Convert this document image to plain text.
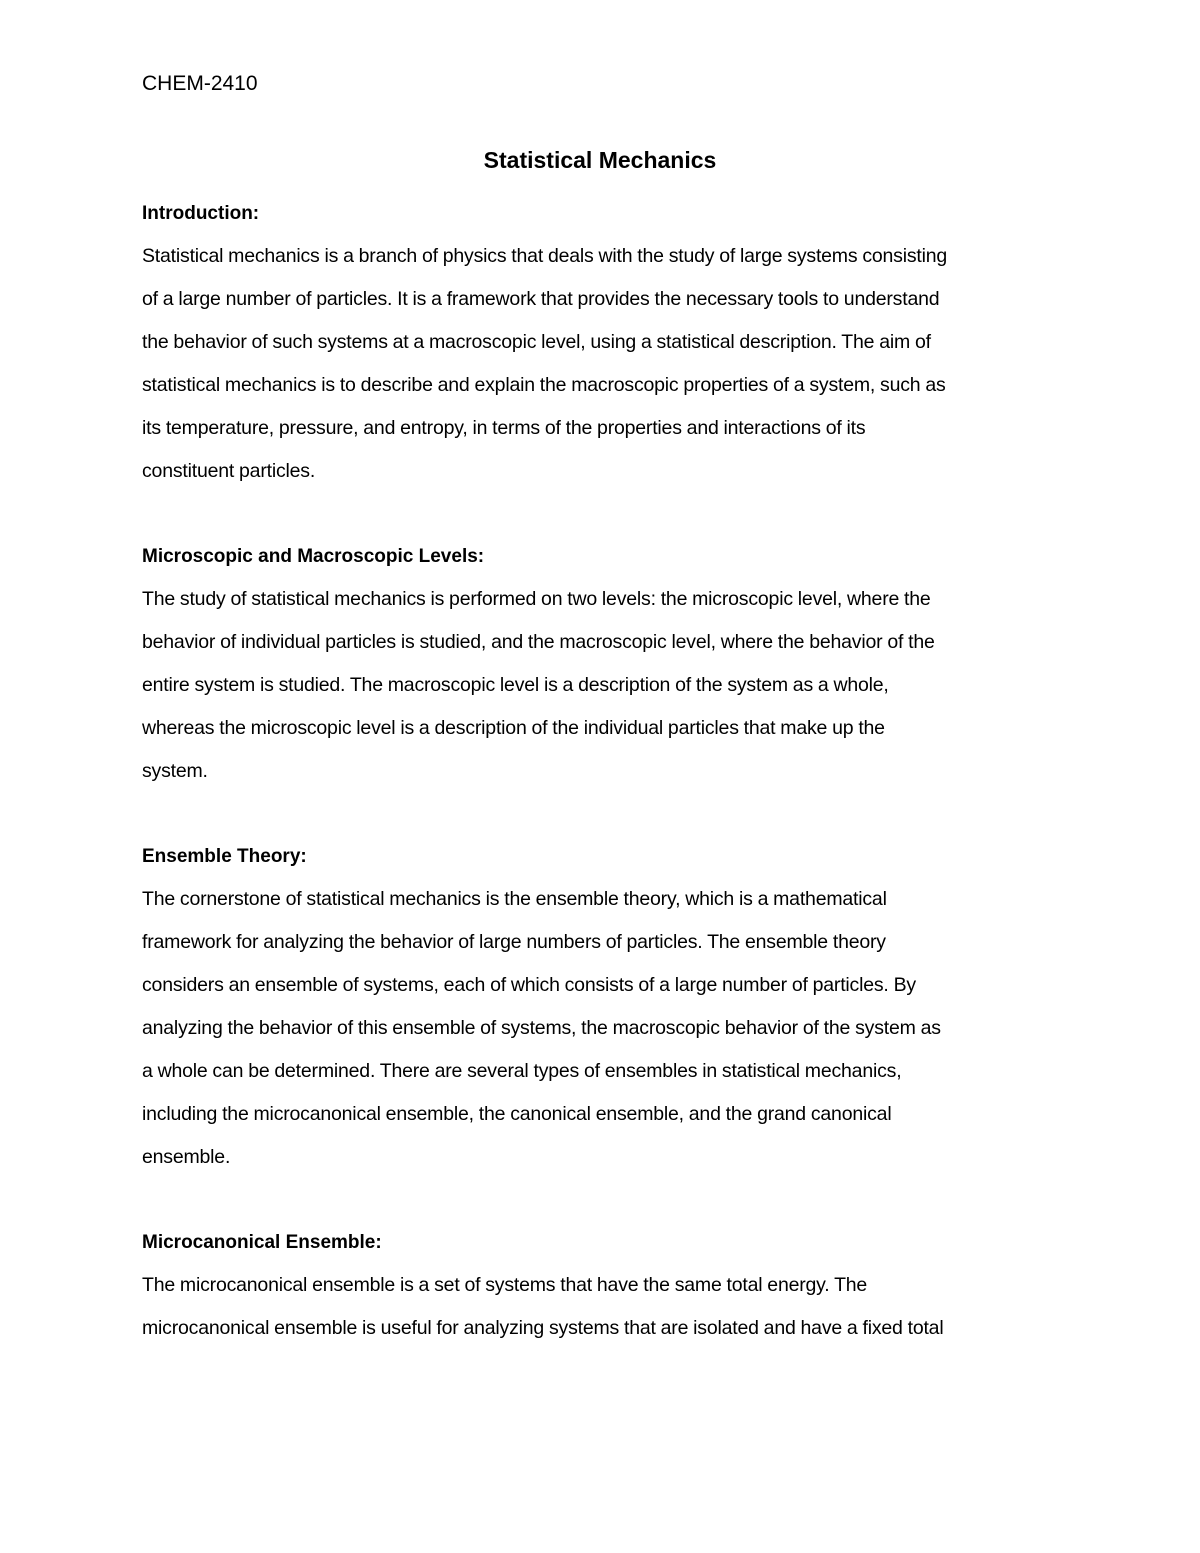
CHEM-2410

Statistical Mechanics

Introduction:

Statistical mechanics is a branch of physics that deals with the study of large systems consisting
of a large number of particles. It is a framework that provides the necessary tools to understand
the behavior of such systems at a macroscopic level, using a statistical description. The aim of
statistical mechanics is to describe and explain the macroscopic properties of a system, such as
its temperature, pressure, and entropy, in terms of the properties and interactions of its
constituent particles.

Microscopic and Macroscopic Levels:

The study of statistical mechanics is performed on two levels: the microscopic level, where the
behavior of individual particles is studied, and the macroscopic level, where the behavior of the
entire system is studied. The macroscopic level is a description of the system as a whole,
whereas the microscopic level is a description of the individual particles that make up the
system.

Ensemble Theory:

The cornerstone of statistical mechanics is the ensemble theory, which is a mathematical
framework for analyzing the behavior of large numbers of particles. The ensemble theory
considers an ensemble of systems, each of which consists of a large number of particles. By
analyzing the behavior of this ensemble of systems, the macroscopic behavior of the system as
a whole can be determined. There are several types of ensembles in statistical mechanics,
including the microcanonical ensemble, the canonical ensemble, and the grand canonical
ensemble.

Microcanonical Ensemble:

The microcanonical ensemble is a set of systems that have the same total energy. The
microcanonical ensemble is useful for analyzing systems that are isolated and have a fixed total
